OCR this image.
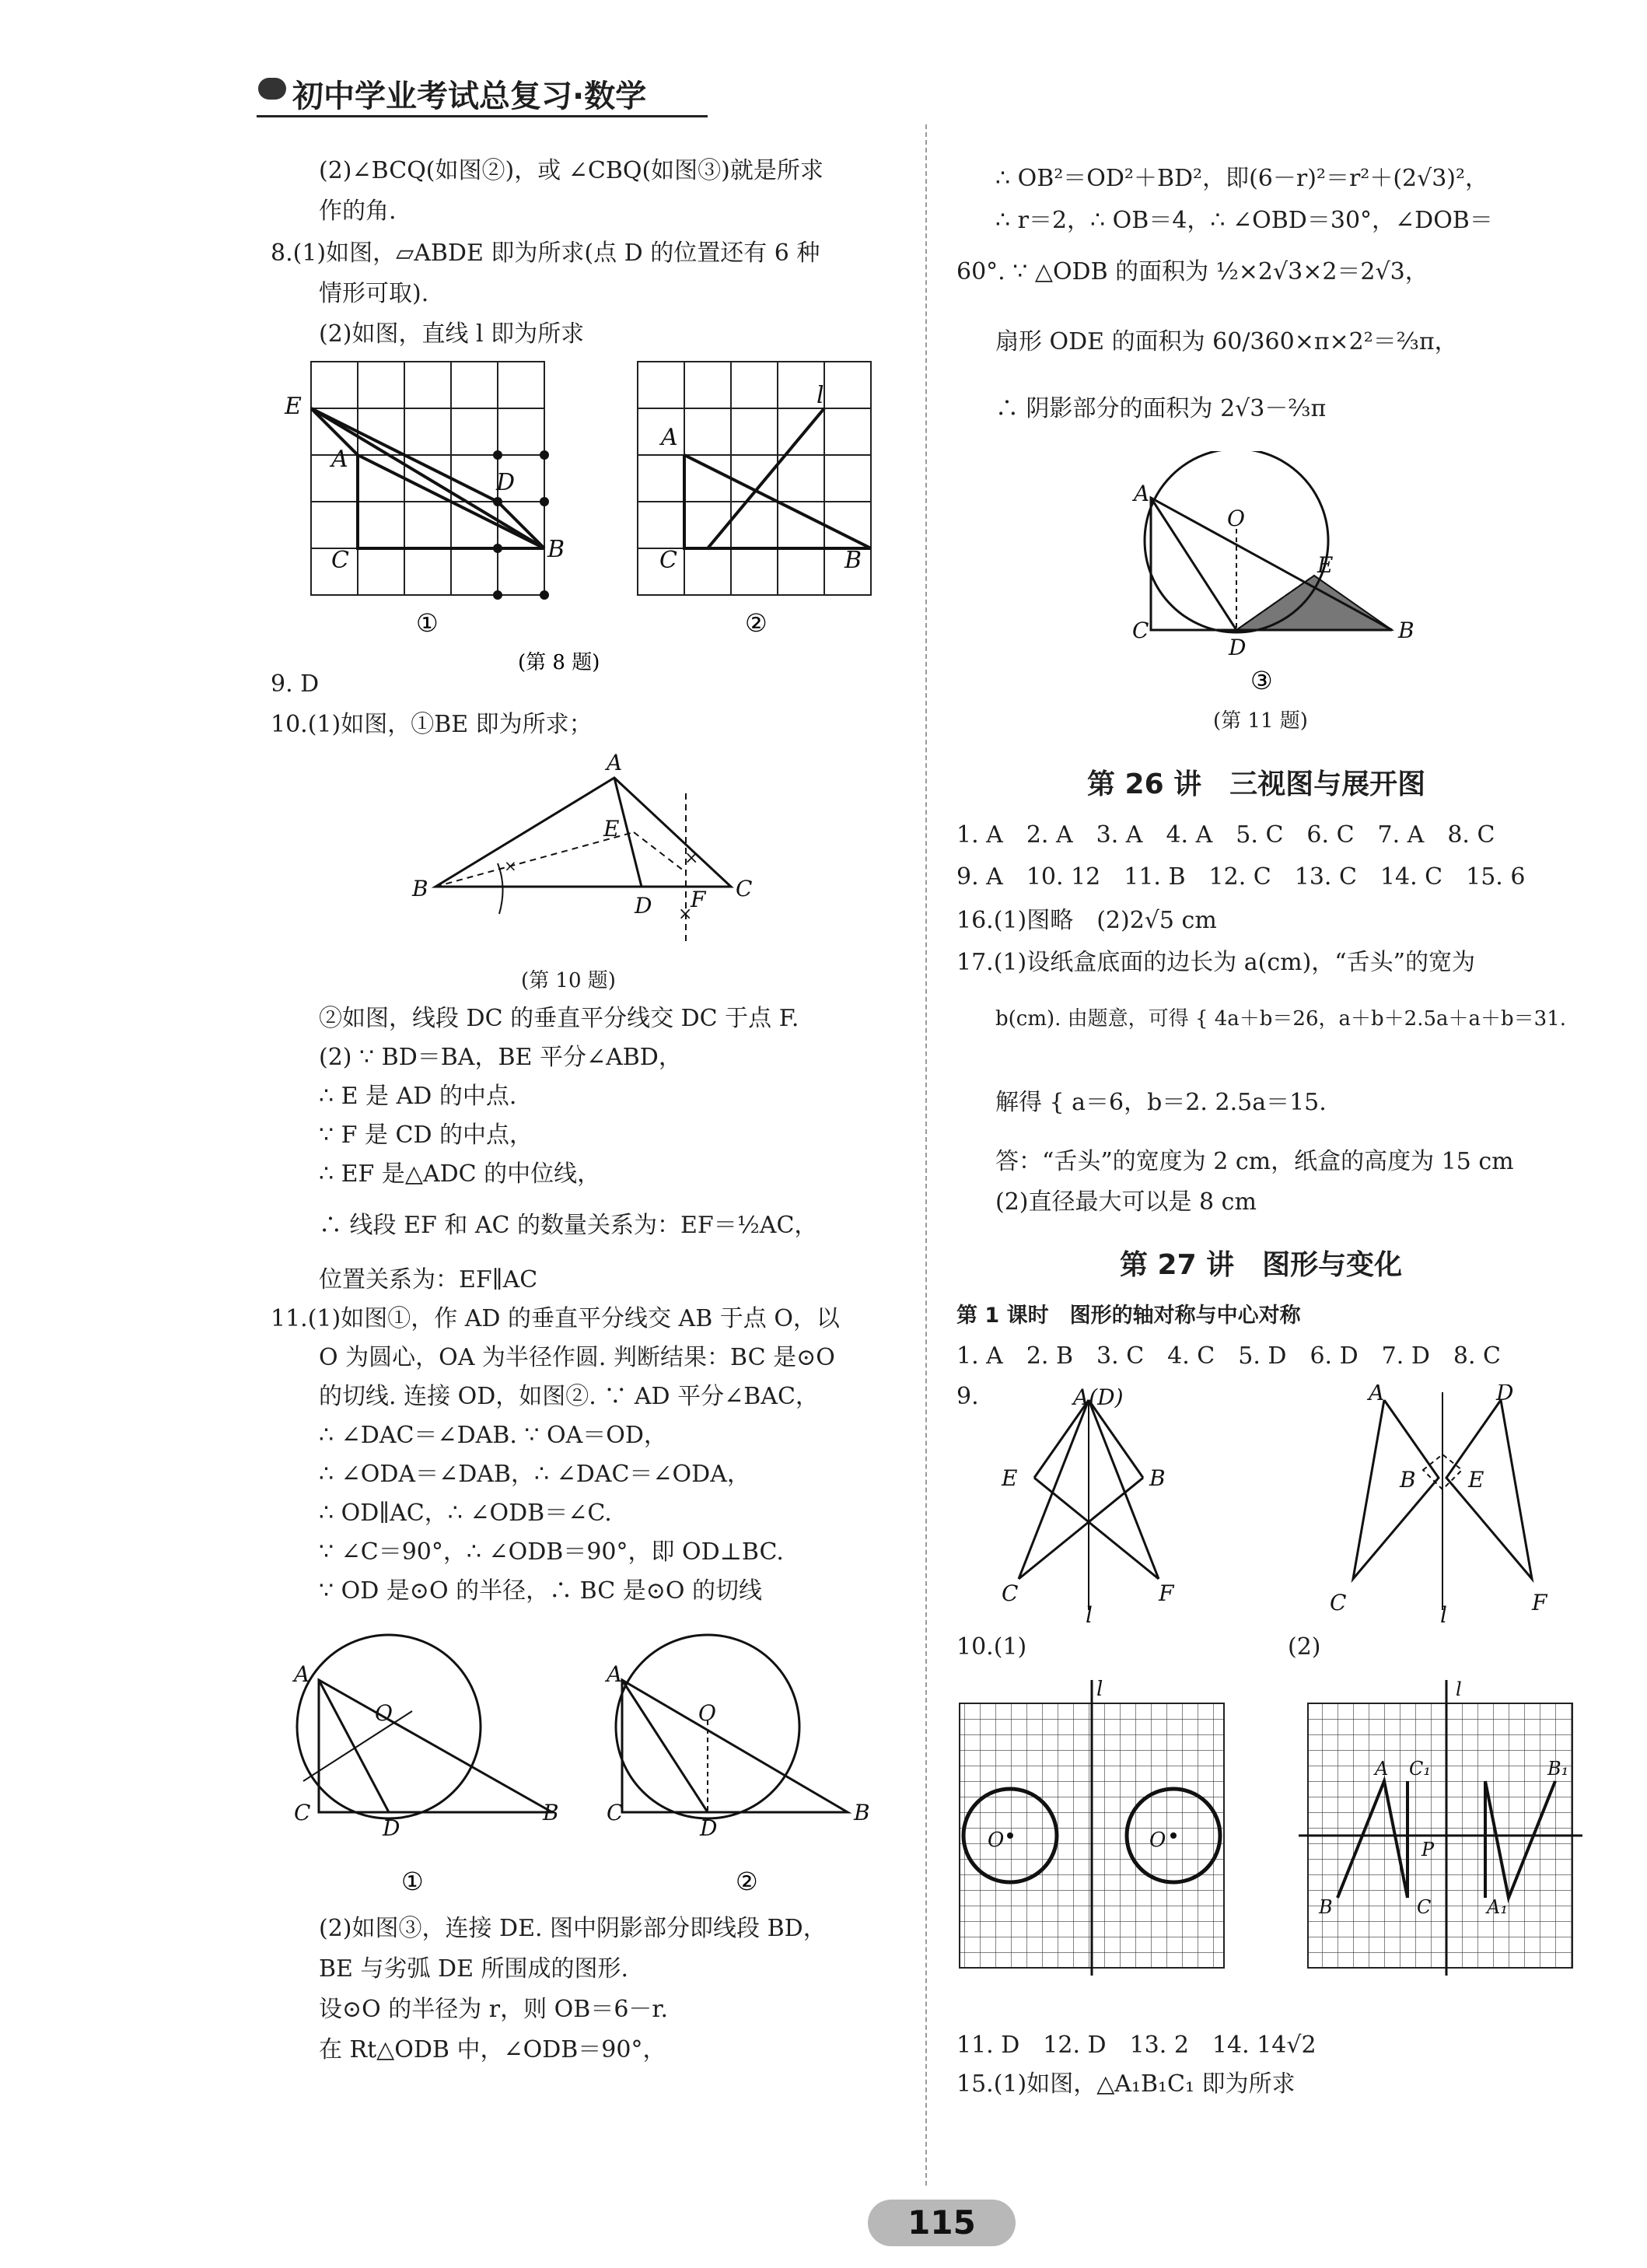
初中学业考试总复习·数学
(2)∠BCQ(如图②)，或 ∠CBQ(如图③)就是所求
作的角.
8.(1)如图，▱ABDE 即为所求(点 D 的位置还有 6 种
情形可取).
(2)如图，直线 l 即为所求
E
A
D
C	B
①
A
l
C	B
②
(第 8 题)
9. D
10.(1)如图，①BE 即为所求；
A
E
B
D F C
×
×
×
(第 10 题)
②如图，线段 DC 的垂直平分线交 DC 于点 F.
(2) ∵ BD＝BA，BE 平分∠ABD，
∴ E 是 AD 的中点.
∵ F 是 CD 的中点，
∴ EF 是△ADC 的中位线，
∴ 线段 EF 和 AC 的数量关系为：EF＝½AC，
位置关系为：EF∥AC
11.(1)如图①，作 AD 的垂直平分线交 AB 于点 O，以
O 为圆心，OA 为半径作圆. 判断结果：BC 是⊙O
的切线. 连接 OD，如图②. ∵ AD 平分∠BAC，
∴ ∠DAC＝∠DAB. ∵ OA＝OD，
∴ ∠ODA＝∠DAB，∴ ∠DAC＝∠ODA，
∴ OD∥AC，∴ ∠ODB＝∠C.
∵ ∠C＝90°，∴ ∠ODB＝90°，即 OD⊥BC.
∵ OD 是⊙O 的半径，∴ BC 是⊙O 的切线
A
O
C
D
B
A
O
C
D
B
①	②
(2)如图③，连接 DE. 图中阴影部分即线段 BD，
BE 与劣弧 DE 所围成的图形.
设⊙O 的半径为 r，则 OB＝6－r.
在 Rt△ODB 中，∠ODB＝90°，
∴ OB²＝OD²＋BD²，即(6－r)²＝r²＋(2√3)²，
∴ r＝2，∴ OB＝4，∴ ∠OBD＝30°，∠DOB＝
60°. ∵ △ODB 的面积为 ½×2√3×2＝2√3，
扇形 ODE 的面积为 60/360×π×2²＝⅔π，
∴ 阴影部分的面积为 2√3－⅔π
A
O
E
C
D
B
③
(第 11 题)
第 26 讲　三视图与展开图
1. A　2. A　3. A　4. A　5. C　6. C　7. A　8. C
9. A　10. 12　11. B　12. C　13. C　14. C　15. 6
16.(1)图略　(2)2√5 cm
17.(1)设纸盒底面的边长为 a(cm)，“舌头”的宽为
b(cm). 由题意，可得 { 4a＋b＝26，a＋b＋2.5a＋a＋b＝31.
解得 { a＝6，b＝2. 2.5a＝15.
答：“舌头”的宽度为 2 cm，纸盒的高度为 15 cm
(2)直径最大可以是 8 cm
第 27 讲　图形与变化
第 1 课时　图形的轴对称与中心对称
1. A　2. B　3. C　4. C　5. D　6. D　7. D　8. C
9.	A(D)
E	B
C
l
F
A	D
B E
C	l	F
10.(1)	(2)
l
O	O
l
A C₁	B₁
P
B	C	A₁
11. D　12. D　13. 2　14. 14√2
15.(1)如图，△A₁B₁C₁ 即为所求
115
